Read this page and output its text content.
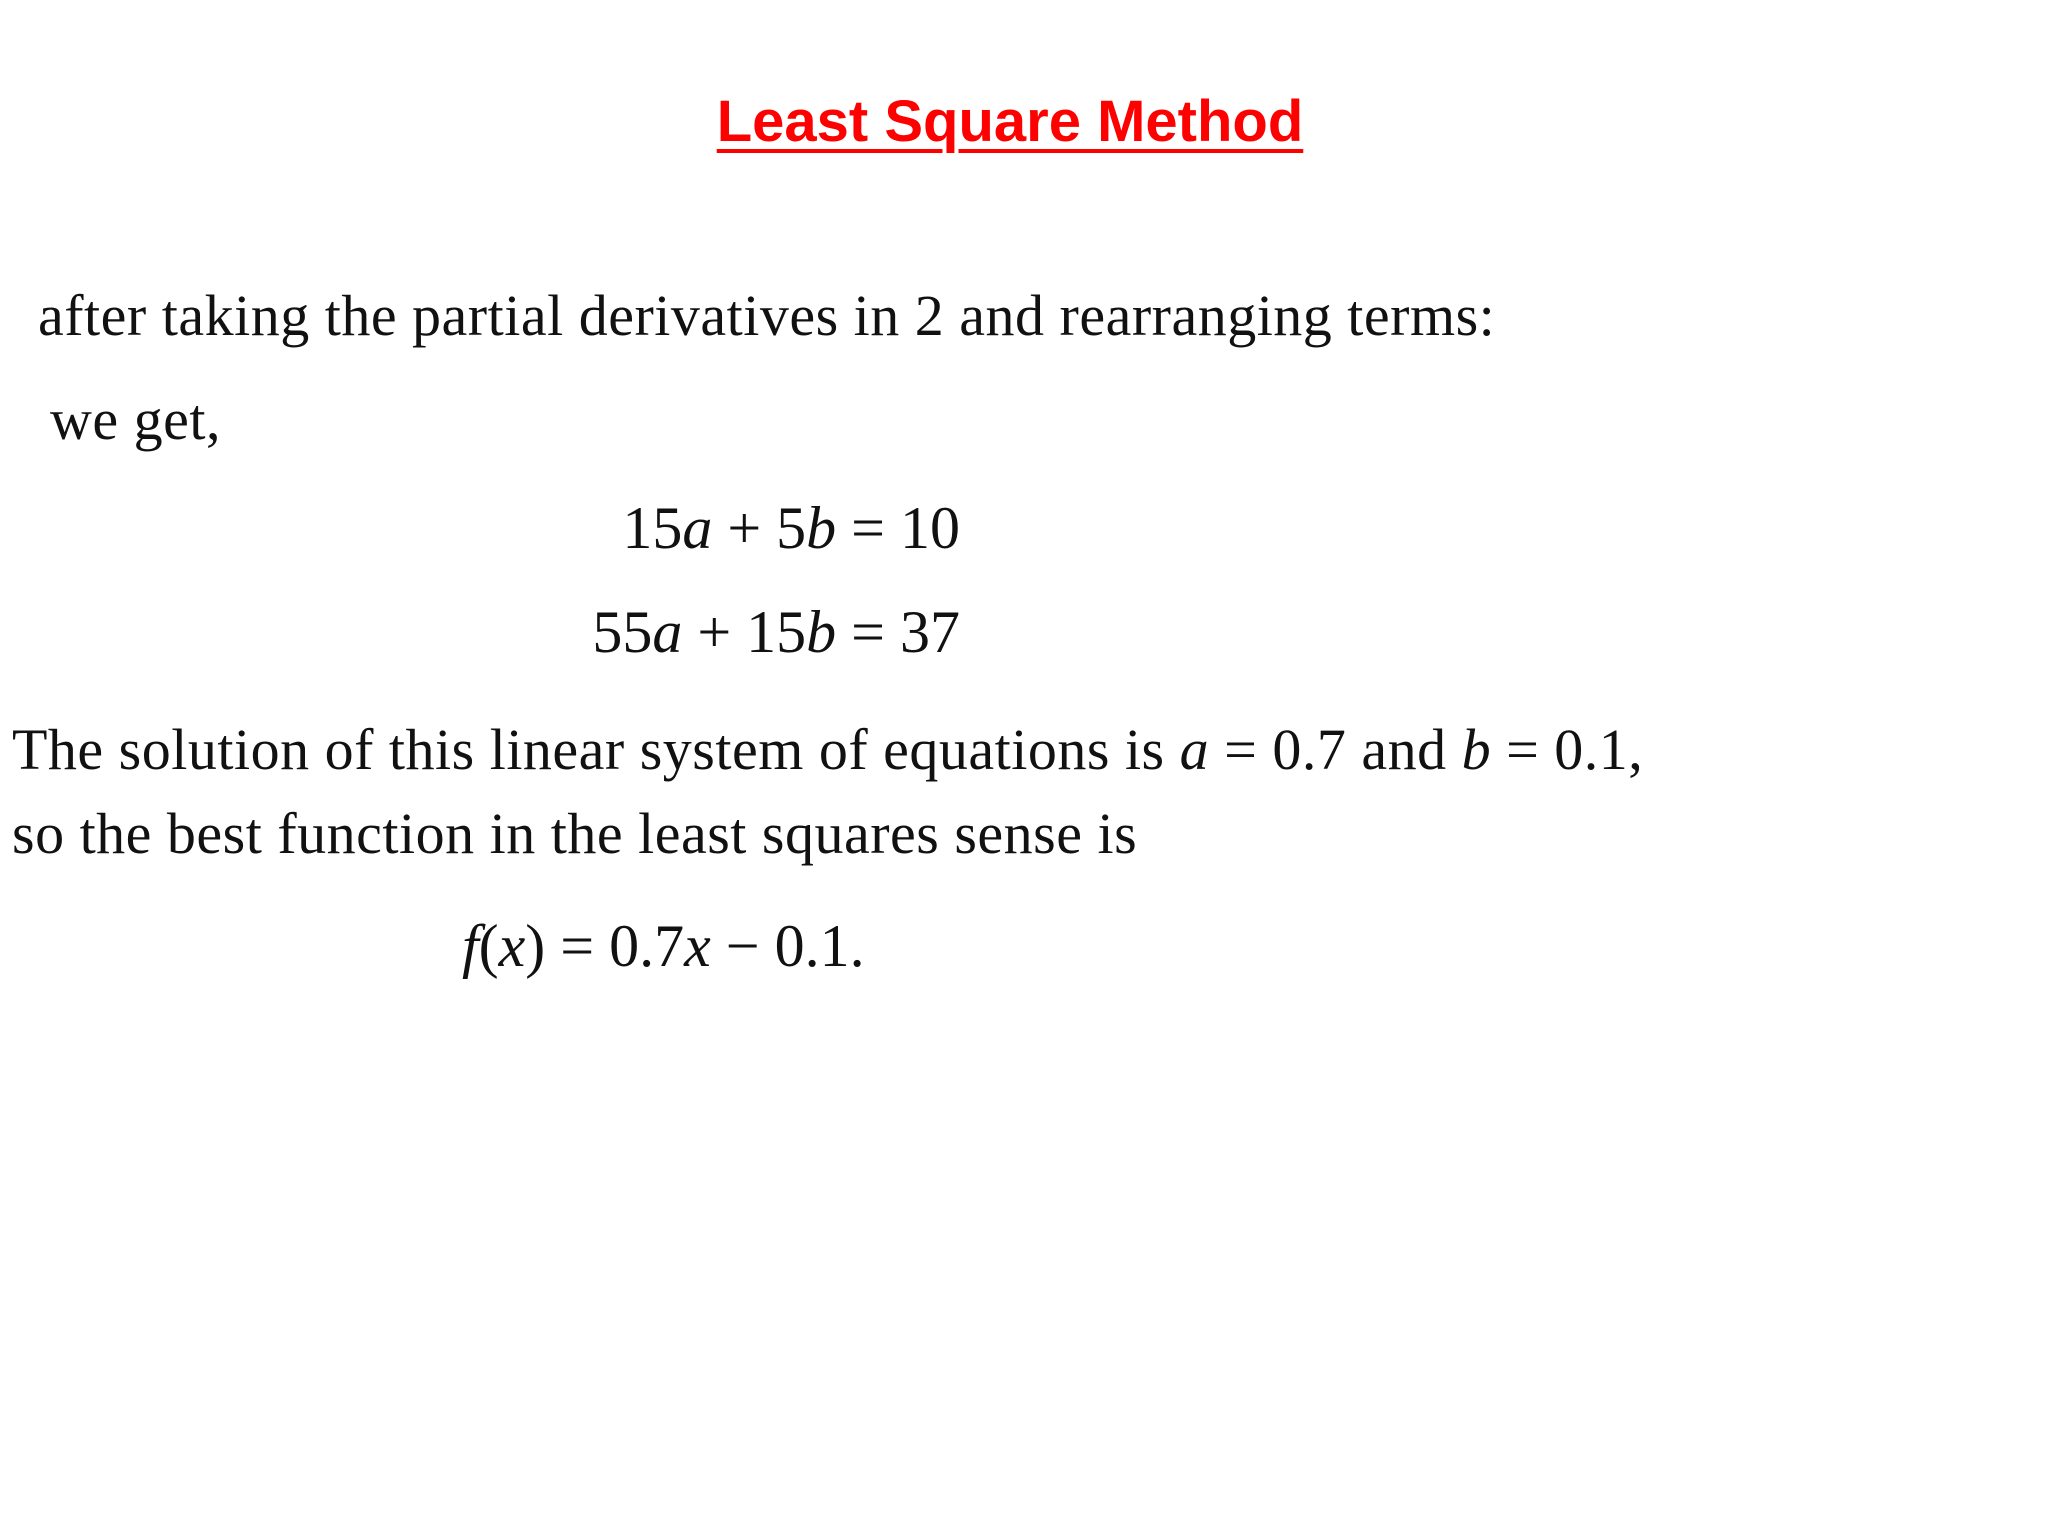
Least Square Method
after taking the partial derivatives in 2 and rearranging terms:
we get,
15a + 5b = 10
55a + 15b = 37
The solution of this linear system of equations is a = 0.7 and b = 0.1,
so the best function in the least squares sense is
f(x) = 0.7x − 0.1.
